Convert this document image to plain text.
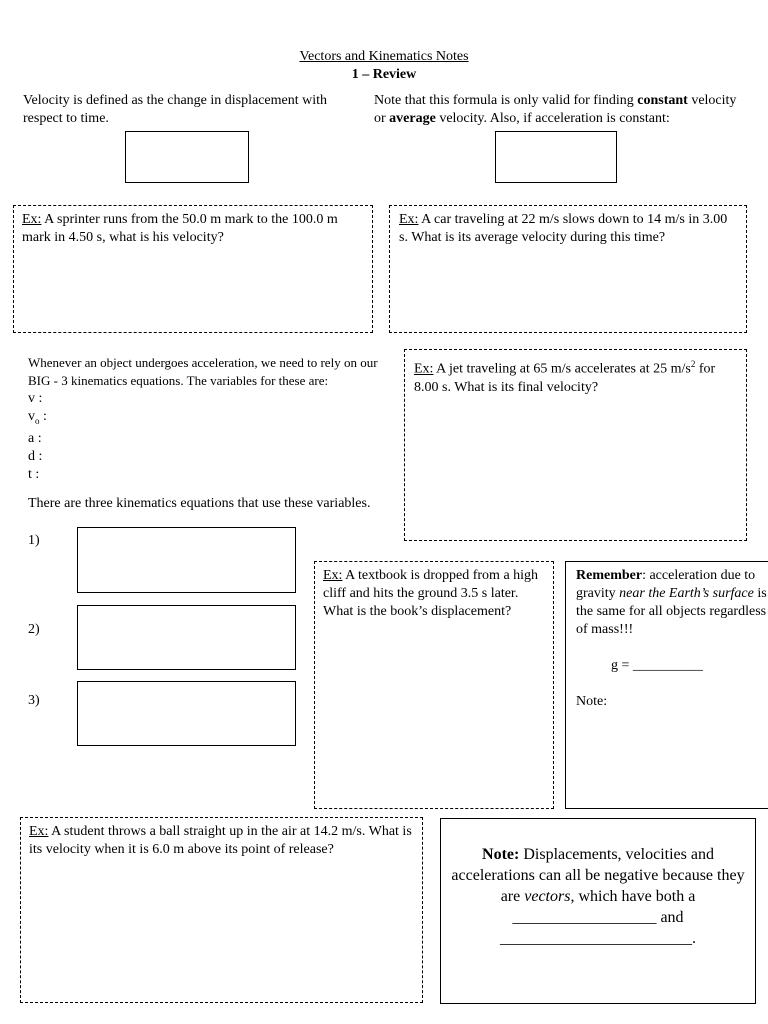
Vectors and Kinematics Notes
1 – Review
Velocity is defined as the change in displacement with respect to time.
Note that this formula is only valid for finding constant velocity or average velocity. Also, if acceleration is constant:
Ex: A sprinter runs from the 50.0 m mark to the 100.0 m mark in 4.50 s, what is his velocity?
Ex: A car traveling at 22 m/s slows down to 14 m/s in 3.00 s. What is its average velocity during this time?
Whenever an object undergoes acceleration, we need to rely on our BIG - 3 kinematics equations. The variables for these are:
v :
$v_o$ :
a :
d :
t :
Ex: A jet traveling at 65 m/s accelerates at 25 $m/s^2$ for 8.00 s. What is its final velocity?
There are three kinematics equations that use these variables.
1)
2)
3)
Ex: A textbook is dropped from a high cliff and hits the ground 3.5 s later. What is the book’s displacement?
Remember: acceleration due to gravity near the Earth’s surface is the same for all objects regardless of mass!!!
g = __________
Note:
Ex: A student throws a ball straight up in the air at 14.2 m/s. What is its velocity when it is 6.0 m above its point of release?	Note: Displacements, velocities and accelerations can all be negative because they are vectors, which have both a
__________________ and
________________________.
